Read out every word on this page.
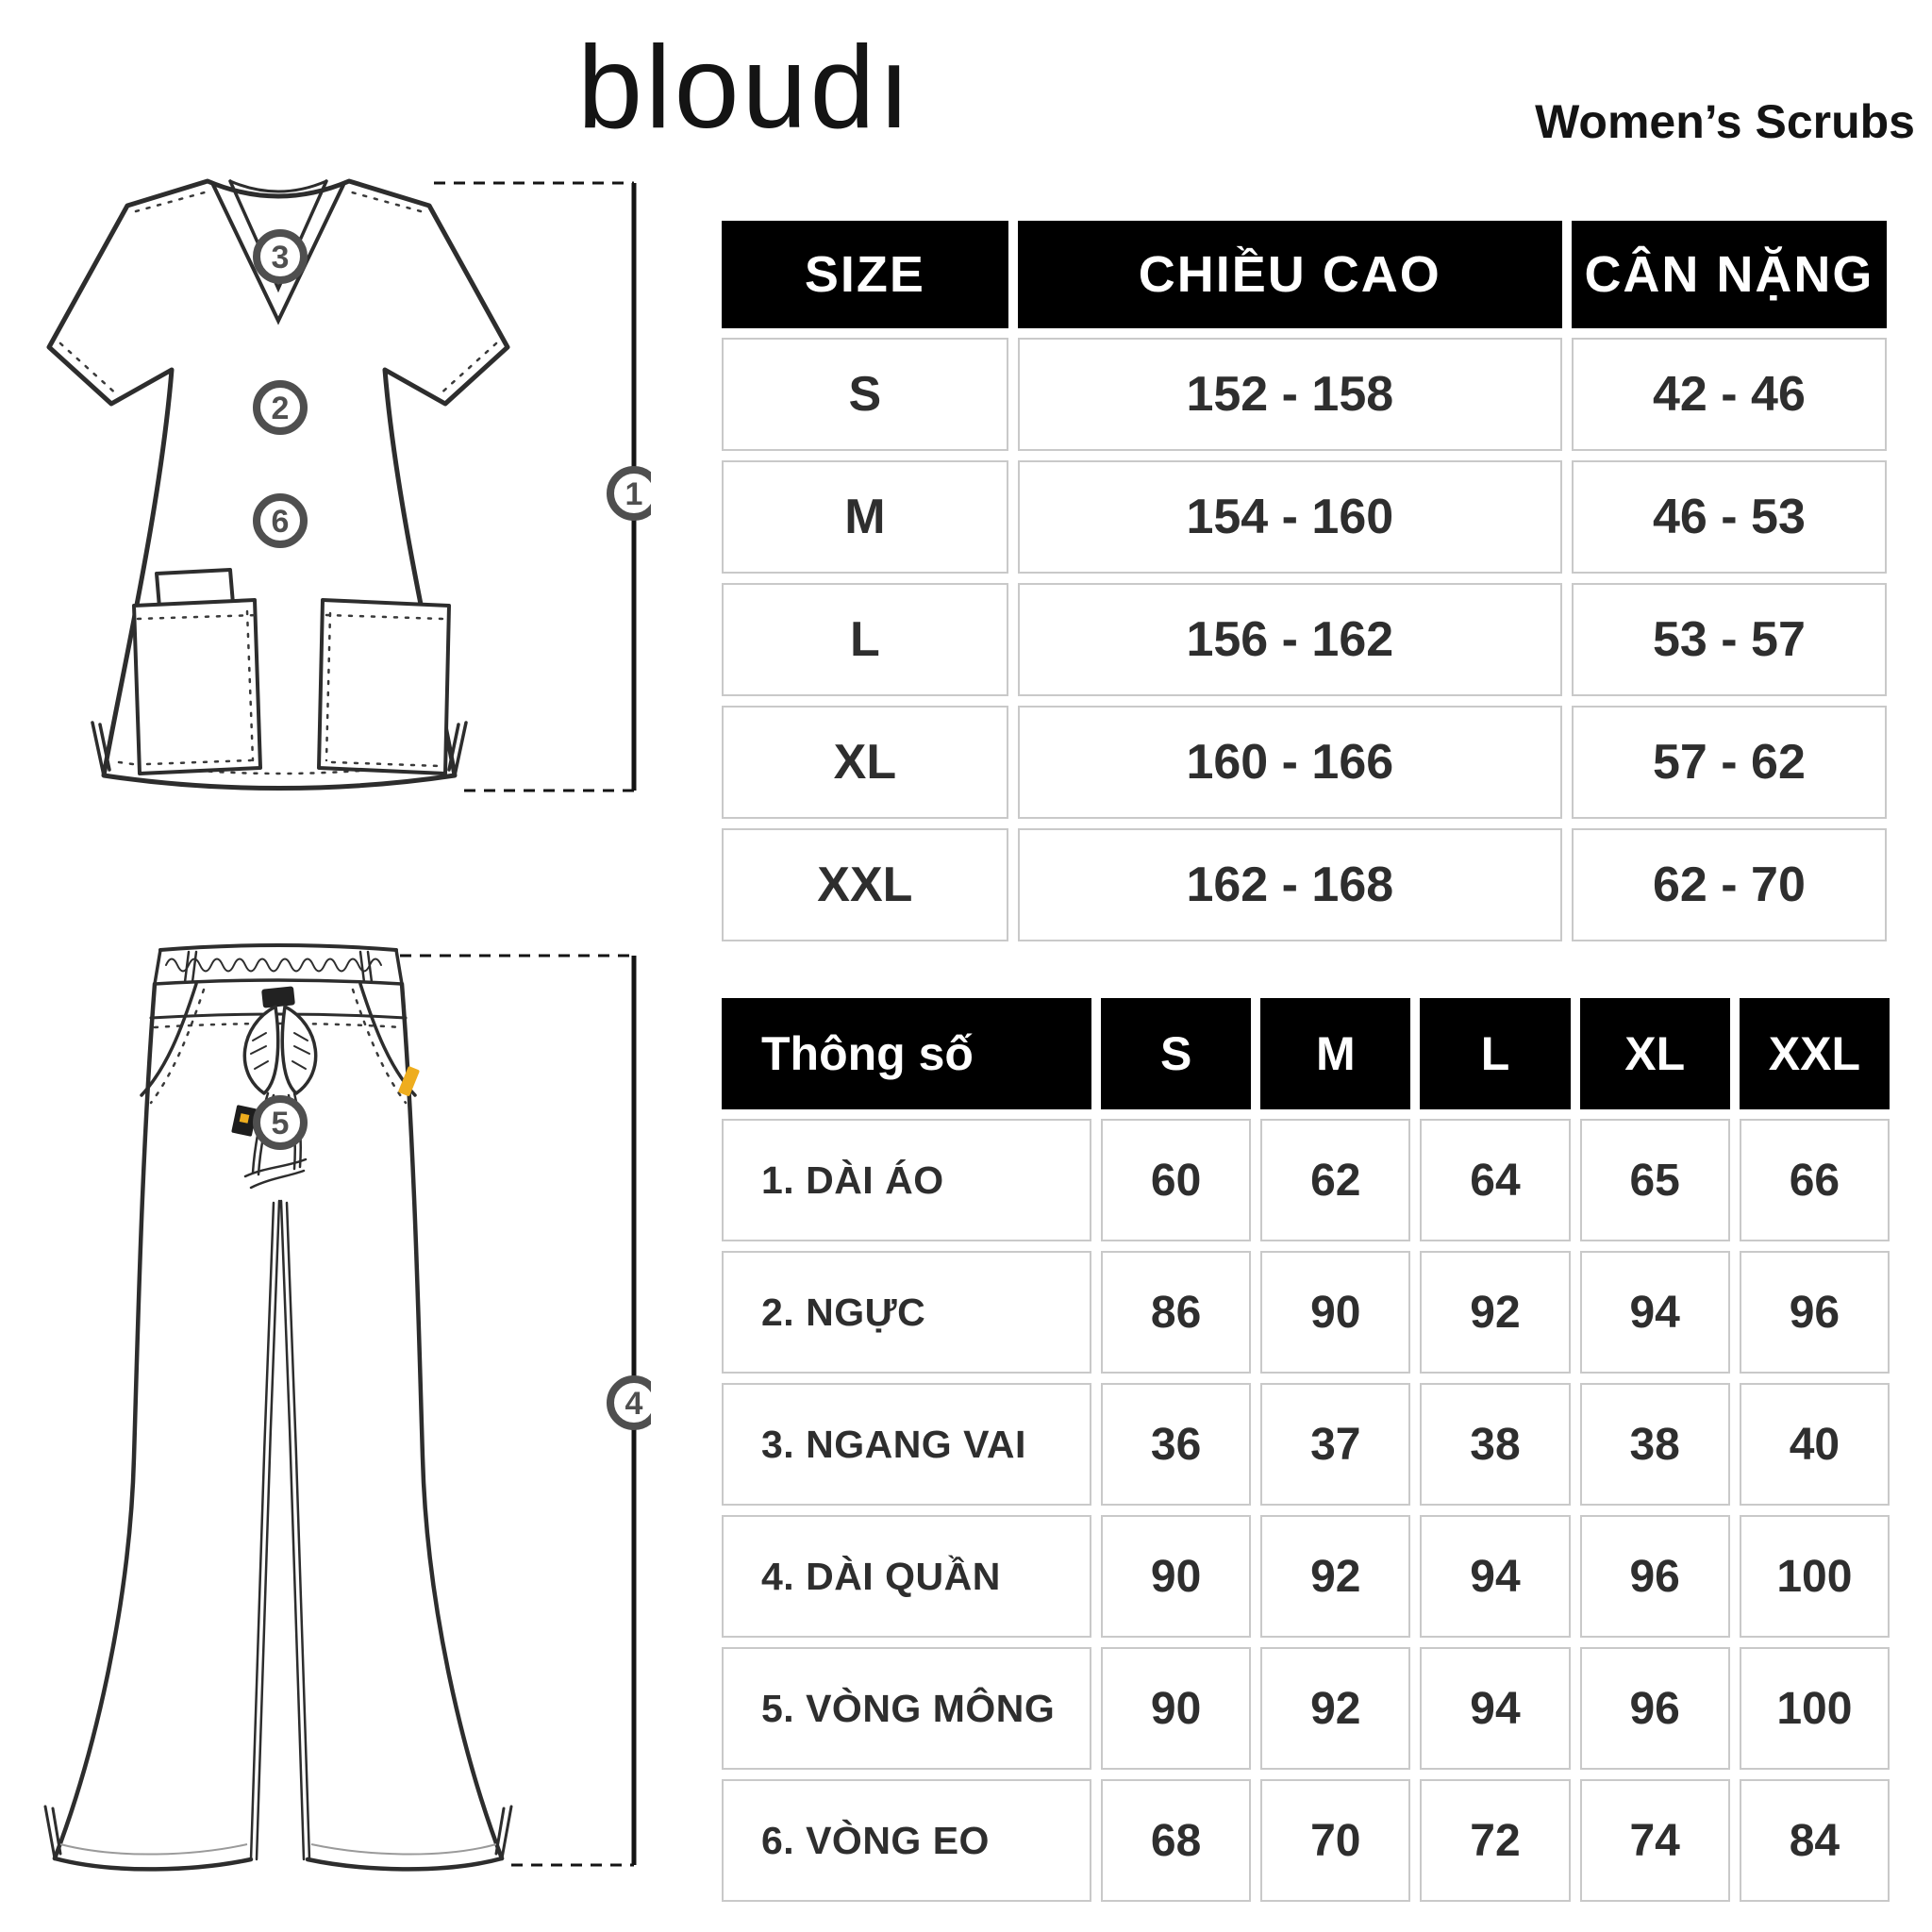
bloudı	Women’s Scrubs
3
2
6
1
5
4
SIZE	CHIỀU CAO	CÂN NẶNG
S	152 - 158	42 - 46
M	154 - 160	46 - 53
L	156 - 162	53 - 57
XL	160 - 166	57 - 62
XXL	162 - 168	62 - 70
Thông số	S	M	L	XL	XXL
1. DÀI ÁO	60	62	64	65	66
2. NGỰC	86	90	92	94	96
3. NGANG VAI	36	37	38	38	40
4. DÀI QUẦN	90	92	94	96	100
5. VÒNG MÔNG	90	92	94	96	100
6. VÒNG EO	68	70	72	74	84
